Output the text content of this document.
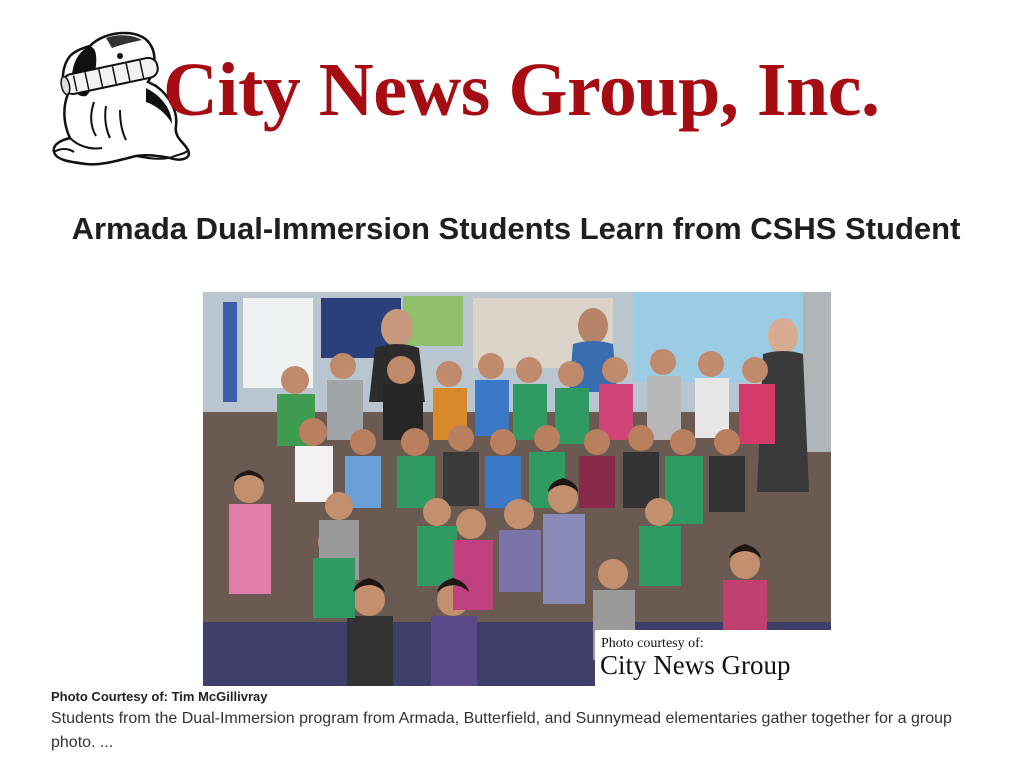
City News Group, Inc.
Armada Dual-Immersion Students Learn from CSHS Student
Photo courtesy of:
City News Group
Photo Courtesy of: Tim McGillivray

Students from the Dual-Immersion program from Armada, Butterfield, and Sunnymead elementaries gather together for a group photo. ...
